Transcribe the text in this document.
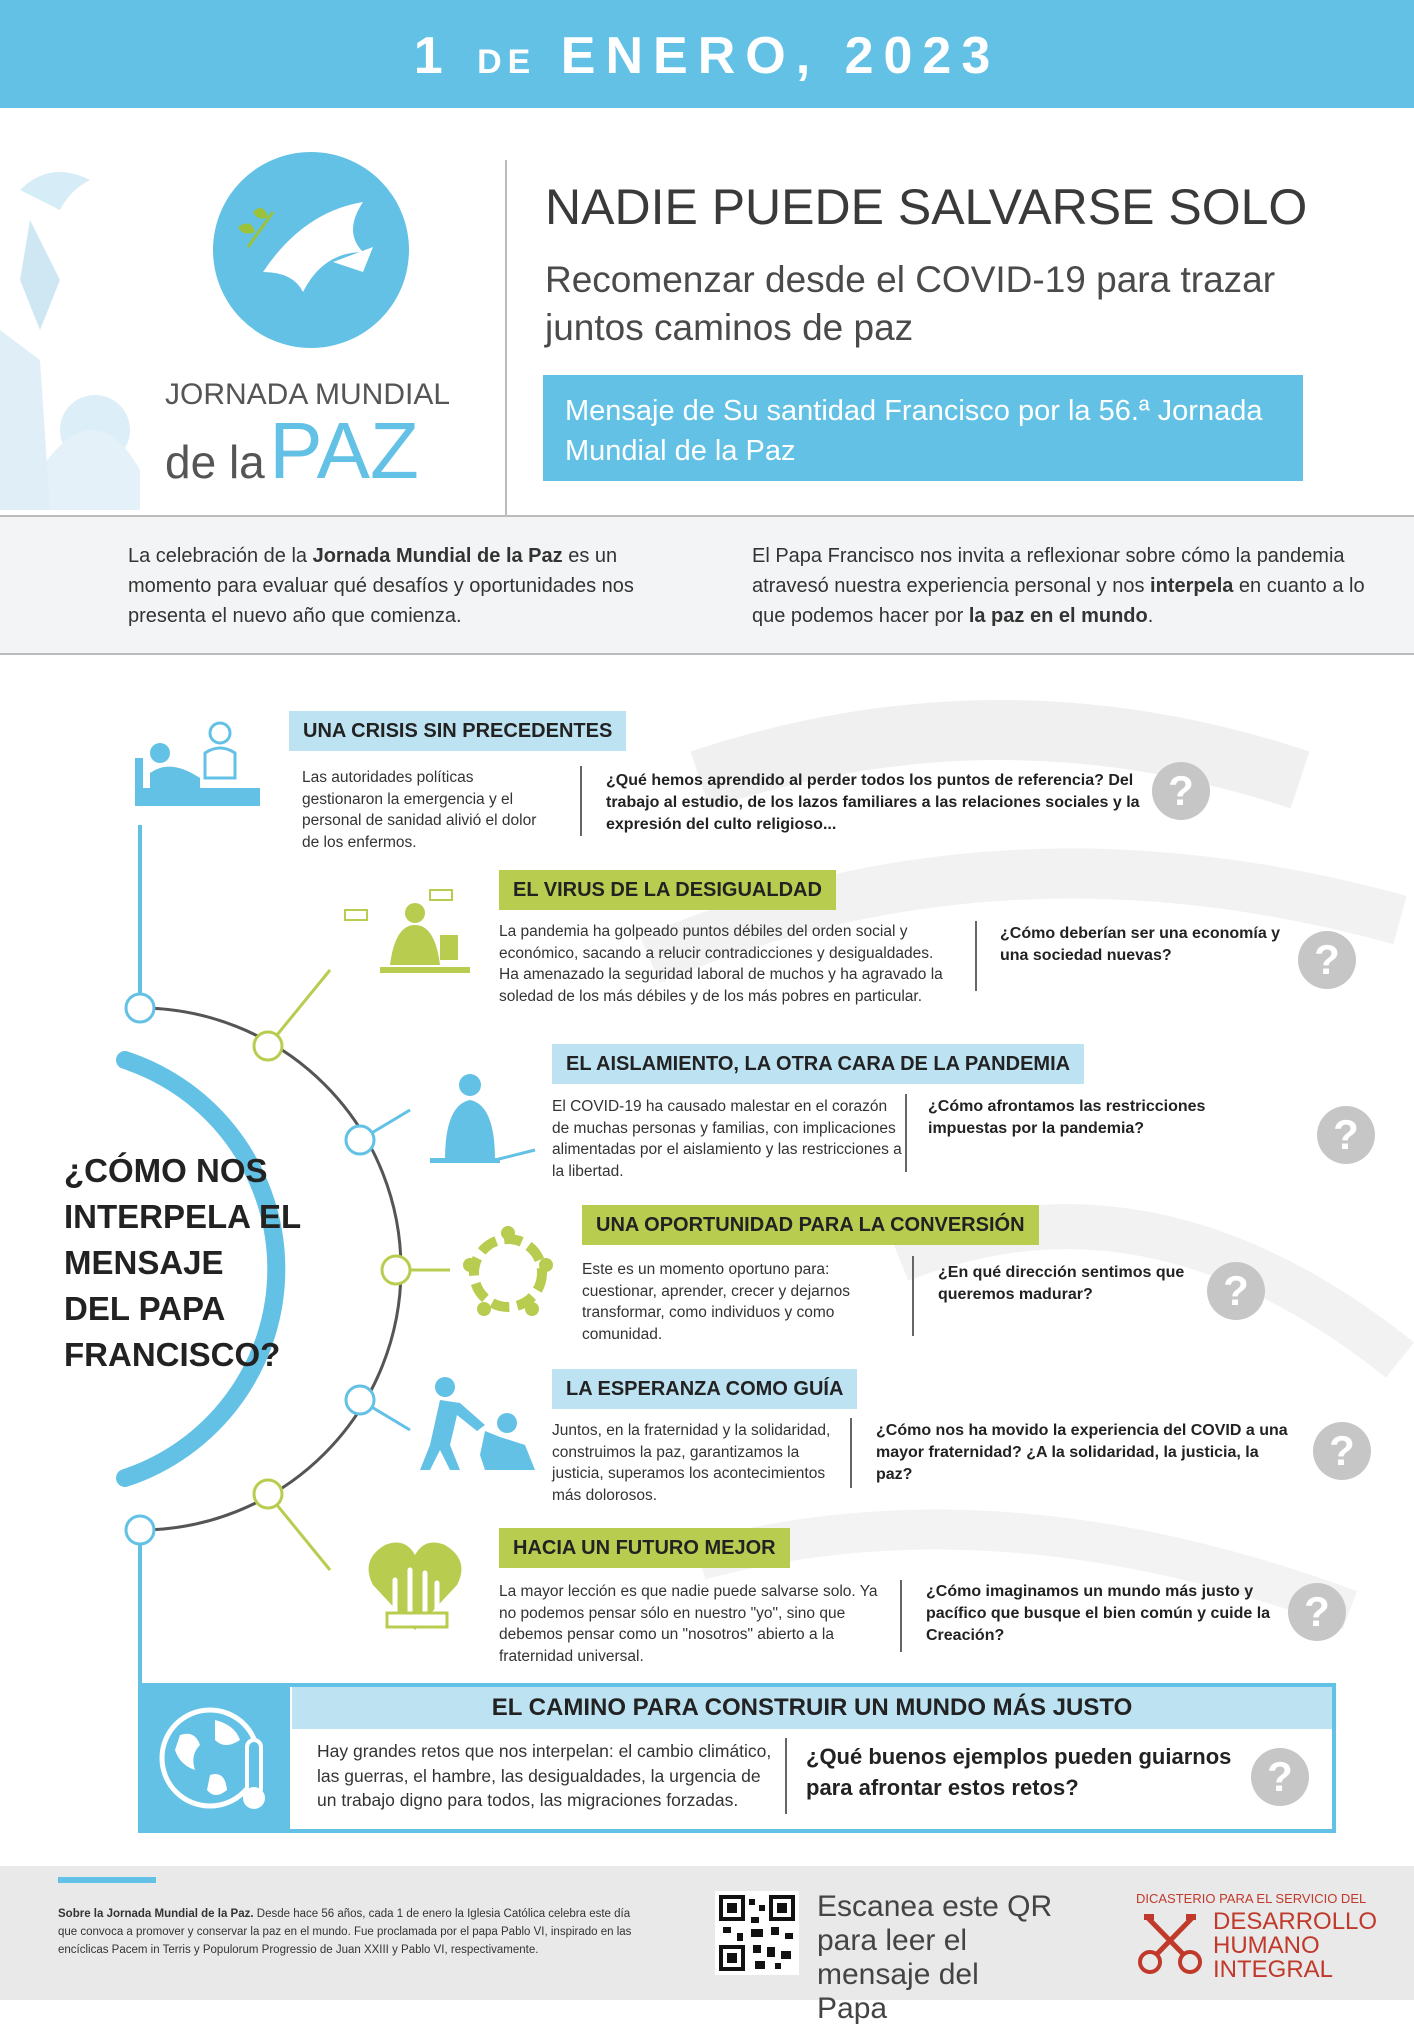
1 DE ENERO, 2023
JORNADA MUNDIAL
de la PAZ
NADIE PUEDE SALVARSE SOLO
Recomenzar desde el COVID-19 para trazar
juntos caminos de paz
Mensaje de Su santidad Francisco por la 56.ª Jornada
Mundial de la Paz
La celebración de la Jornada Mundial de la Paz es un momento para evaluar qué desafíos y oportunidades nos presenta el nuevo año que comienza.
El Papa Francisco nos invita a reflexionar sobre cómo la pandemia atravesó nuestra experiencia personal y nos interpela en cuanto a lo que podemos hacer por la paz en el mundo.
¿CÓMO NOS
INTERPELA EL
MENSAJE
DEL PAPA
FRANCISCO?
UNA CRISIS SIN PRECEDENTES
Las autoridades políticas gestionaron la emergencia y el personal de sanidad alivió el dolor de los enfermos.
¿Qué hemos aprendido al perder todos los puntos de referencia? Del trabajo al estudio, de los lazos familiares a las relaciones sociales y la expresión del culto religioso...
?
EL VIRUS DE LA DESIGUALDAD
La pandemia ha golpeado puntos débiles del orden social y económico, sacando a relucir contradicciones y desigualdades. Ha amenazado la seguridad laboral de muchos y ha agravado la soledad de los más débiles y de los más pobres en particular.
¿Cómo deberían ser una economía y una sociedad nuevas?	?
EL AISLAMIENTO, LA OTRA CARA DE LA PANDEMIA
El COVID-19 ha causado malestar en el corazón de muchas personas y familias, con implicaciones alimentadas por el aislamiento y las restricciones a la libertad.
¿Cómo afrontamos las restricciones impuestas por la pandemia?	?
UNA OPORTUNIDAD PARA LA CONVERSIÓN
Este es un momento oportuno para: cuestionar, aprender, crecer y dejarnos transformar, como individuos y como comunidad.
¿En qué dirección sentimos que queremos madurar?	?
LA ESPERANZA COMO GUÍA
Juntos, en la fraternidad y la solidaridad, construimos la paz, garantizamos la justicia, superamos los acontecimientos más dolorosos.
¿Cómo nos ha movido la experiencia del COVID a una mayor fraternidad? ¿A la solidaridad, la justicia, la paz?
?
HACIA UN FUTURO MEJOR
La mayor lección es que nadie puede salvarse solo. Ya no podemos pensar sólo en nuestro "yo", sino que debemos pensar como un "nosotros" abierto a la fraternidad universal.
¿Cómo imaginamos un mundo más justo y pacífico que busque el bien común y cuide la Creación?
?
EL CAMINO PARA CONSTRUIR UN MUNDO MÁS JUSTO
Hay grandes retos que nos interpelan: el cambio climático, las guerras, el hambre, las desigualdades, la urgencia de un trabajo digno para todos, las migraciones forzadas.
¿Qué buenos ejemplos pueden guiarnos para afrontar estos retos?	?
Sobre la Jornada Mundial de la Paz. Desde hace 56 años, cada 1 de enero la Iglesia Católica celebra este día que convoca a promover y conservar la paz en el mundo. Fue proclamada por el papa Pablo VI, inspirado en las encíclicas Pacem in Terris y Populorum Progressio de Juan XXIII y Pablo VI, respectivamente.
Escanea este QR
para leer el
mensaje del Papa
DICASTERIO PARA EL SERVICIO DEL
DESARROLLO
HUMANO
INTEGRAL
